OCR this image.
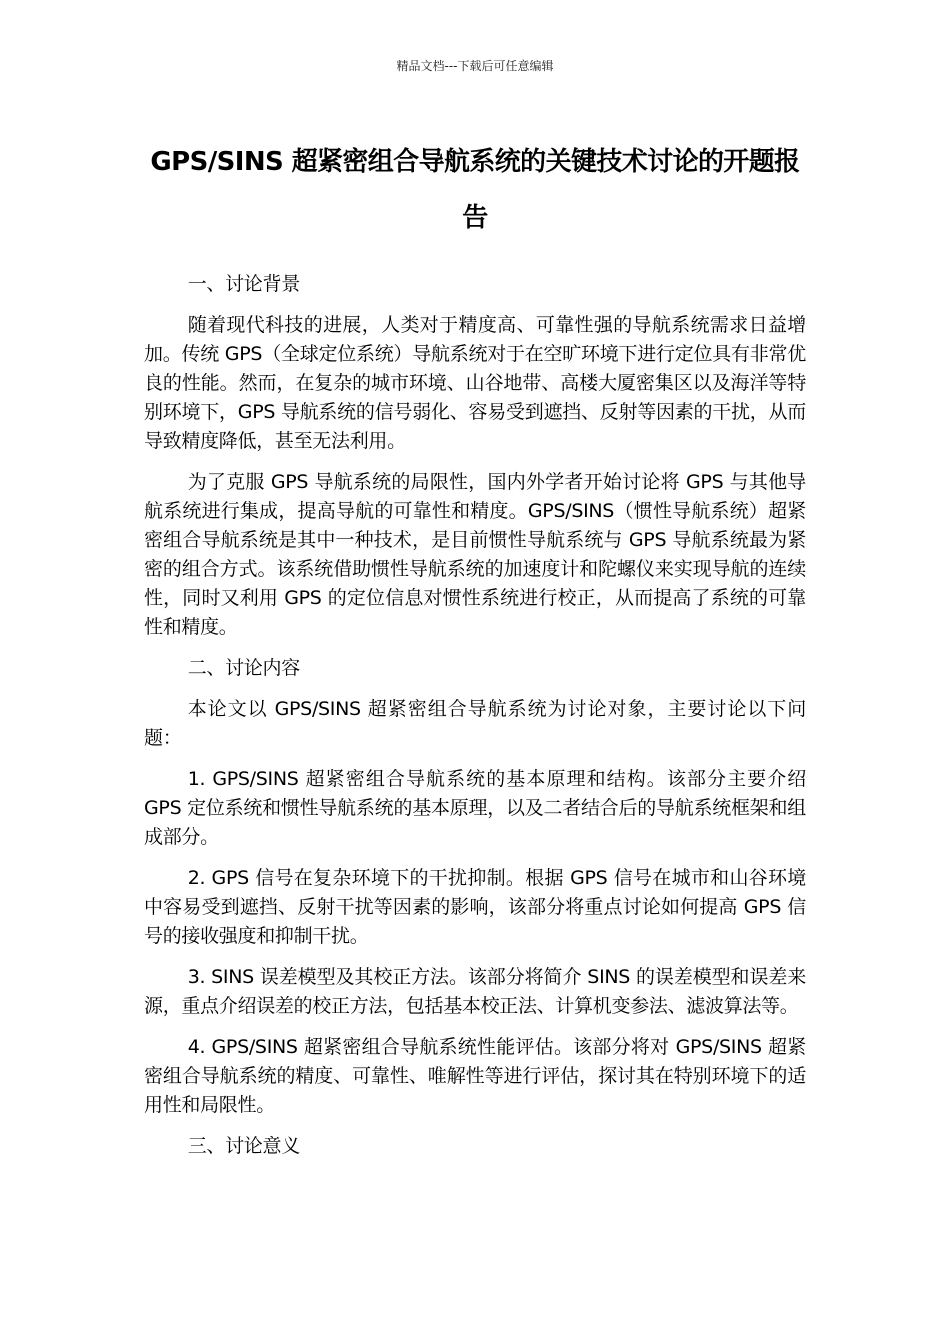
精品文档---下载后可任意编辑
GPS/SINS 超紧密组合导航系统的关键技术讨论的开题报告
一、讨论背景

随着现代科技的进展，人类对于精度高、可靠性强的导航系统需求日益增加。传统 GPS（全球定位系统）导航系统对于在空旷环境下进行定位具有非常优良的性能。然而，在复杂的城市环境、山谷地带、高楼大厦密集区以及海洋等特别环境下，GPS 导航系统的信号弱化、容易受到遮挡、反射等因素的干扰，从而导致精度降低，甚至无法利用。

为了克服 GPS 导航系统的局限性，国内外学者开始讨论将 GPS 与其他导航系统进行集成，提高导航的可靠性和精度。GPS/SINS（惯性导航系统）超紧密组合导航系统是其中一种技术，是目前惯性导航系统与 GPS 导航系统最为紧密的组合方式。该系统借助惯性导航系统的加速度计和陀螺仪来实现导航的连续性，同时又利用 GPS 的定位信息对惯性系统进行校正，从而提高了系统的可靠性和精度。

二、讨论内容

本论文以 GPS/SINS 超紧密组合导航系统为讨论对象，主要讨论以下问题：

1. GPS/SINS 超紧密组合导航系统的基本原理和结构。该部分主要介绍 GPS 定位系统和惯性导航系统的基本原理，以及二者结合后的导航系统框架和组成部分。

2. GPS 信号在复杂环境下的干扰抑制。根据 GPS 信号在城市和山谷环境中容易受到遮挡、反射干扰等因素的影响，该部分将重点讨论如何提高 GPS 信号的接收强度和抑制干扰。

3. SINS 误差模型及其校正方法。该部分将简介 SINS 的误差模型和误差来源，重点介绍误差的校正方法，包括基本校正法、计算机变参法、滤波算法等。

4. GPS/SINS 超紧密组合导航系统性能评估。该部分将对 GPS/SINS 超紧密组合导航系统的精度、可靠性、唯解性等进行评估，探讨其在特别环境下的适用性和局限性。

三、讨论意义
